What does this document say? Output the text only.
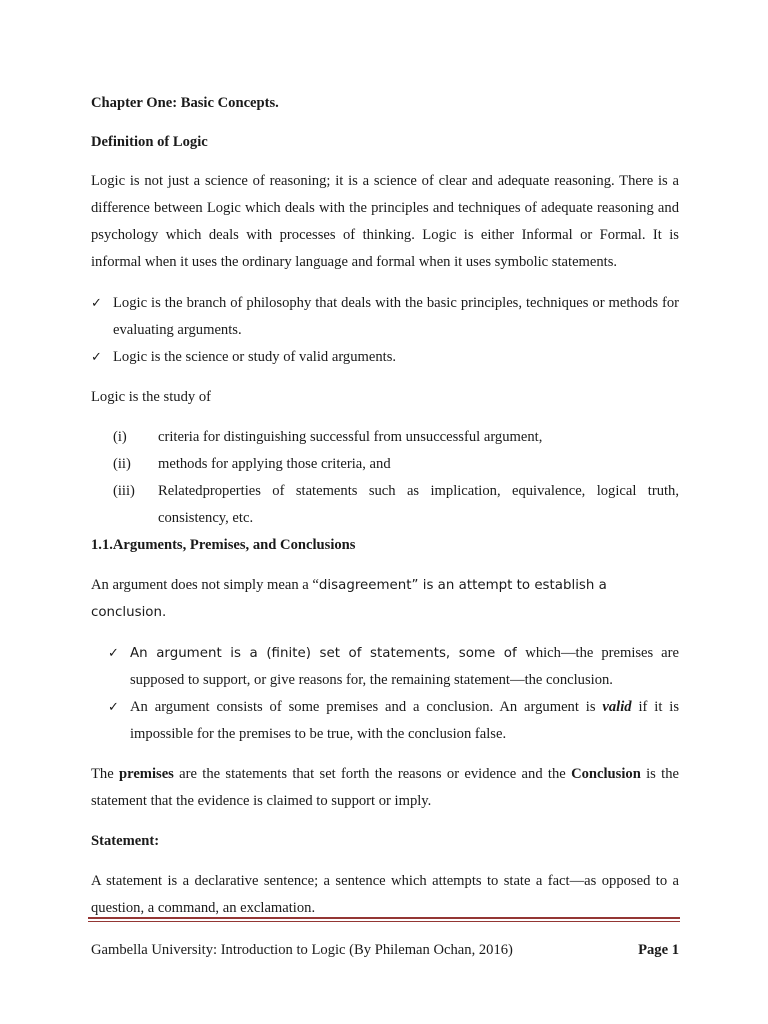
Chapter One: Basic Concepts.

Definition of Logic

Logic is not just a science of reasoning; it is a science of clear and adequate reasoning. There is a difference between Logic which deals with the principles and techniques of adequate reasoning and psychology which deals with processes of thinking. Logic is either Informal or Formal. It is informal when it uses the ordinary language and formal when it uses symbolic statements.

✓ Logic is the branch of philosophy that deals with the basic principles, techniques or methods for evaluating arguments.
✓ Logic is the science or study of valid arguments.

Logic is the study of

(i) criteria for distinguishing successful from unsuccessful argument,
(ii) methods for applying those criteria, and
(iii) Relatedproperties of statements such as implication, equivalence, logical truth, consistency, etc.

1.1.Arguments, Premises, and Conclusions

An argument does not simply mean a “disagreement” is an attempt to establish a conclusion.

✓ An argument is a (finite) set of statements, some of which—the premises are supposed to support, or give reasons for, the remaining statement—the conclusion.
✓ An argument consists of some premises and a conclusion. An argument is valid if it is impossible for the premises to be true, with the conclusion false.

The premises are the statements that set forth the reasons or evidence and the Conclusion is the statement that the evidence is claimed to support or imply.

Statement:

A statement is a declarative sentence; a sentence which attempts to state a fact—as opposed to a question, a command, an exclamation.

Gambella University: Introduction to Logic (By Phileman Ochan, 2016)	Page 1
